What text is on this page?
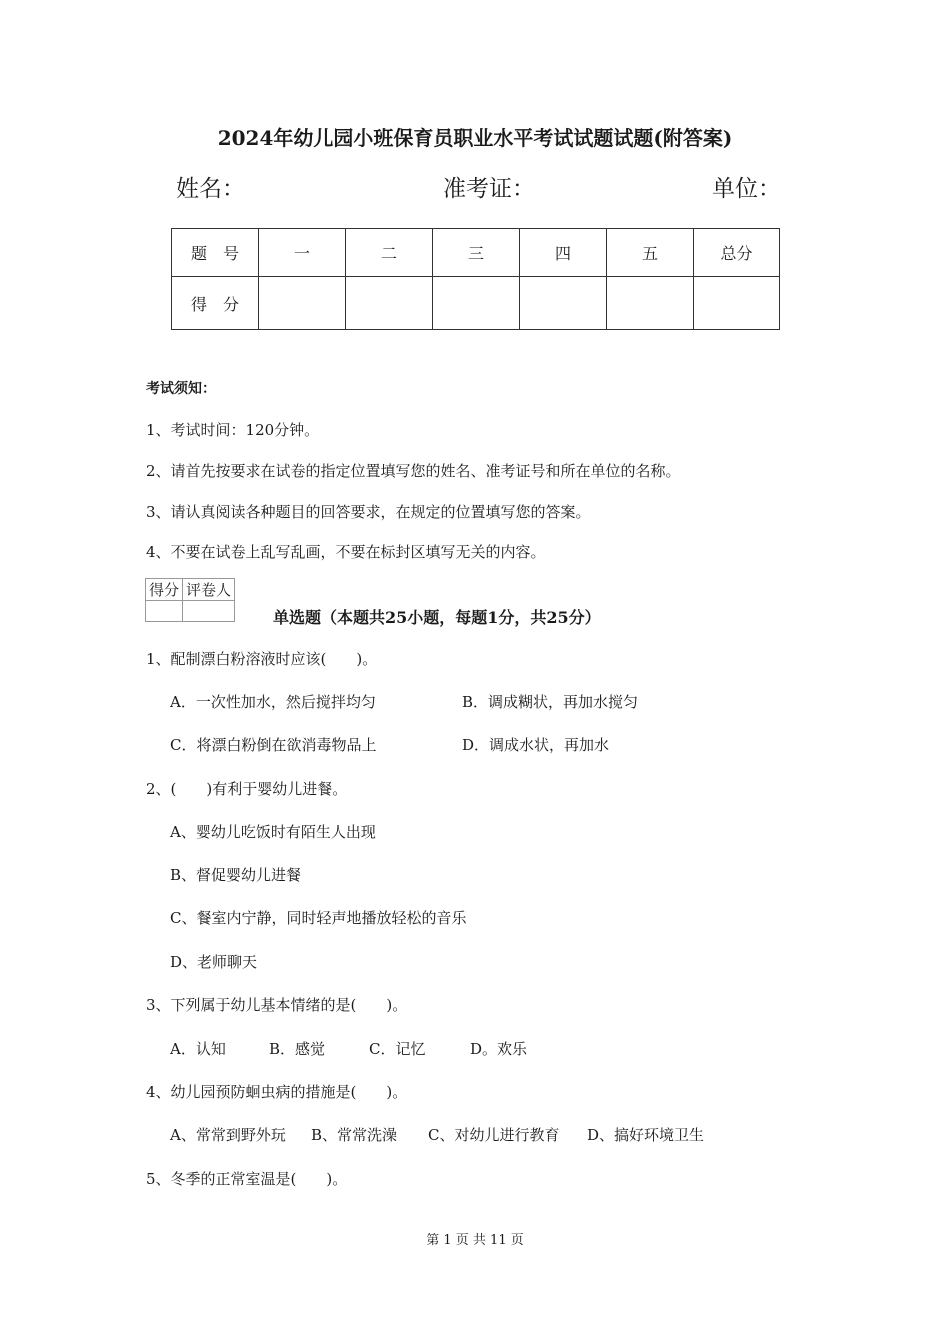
2024年幼儿园小班保育员职业水平考试试题试题(附答案)
姓名：	准考证：	单位：
题　号	一	二	三	四	五	总分
得　分						
考试须知：
1、考试时间：120分钟。
2、请首先按要求在试卷的指定位置填写您的姓名、准考证号和所在单位的名称。
3、请认真阅读各种题目的回答要求，在规定的位置填写您的答案。
4、不要在试卷上乱写乱画，不要在标封区填写无关的内容。
得分	评卷人

单选题（本题共25小题，每题1分，共25分）
1、配制漂白粉溶液时应该(　　)。
A．一次性加水，然后搅拌均匀	B．调成糊状，再加水搅匀
C．将漂白粉倒在欲消毒物品上	D．调成水状，再加水
2、(　　)有利于婴幼儿进餐。
A、婴幼儿吃饭时有陌生人出现
B、督促婴幼儿进餐
C、餐室内宁静，同时轻声地播放轻松的音乐
D、老师聊天
3、下列属于幼儿基本情绪的是(　　)。
A．认知	B．感觉	C．记忆	D。欢乐
4、幼儿园预防蛔虫病的措施是(　　)。
A、常常到野外玩 B、常常洗澡 C、对幼儿进行教育 D、搞好环境卫生
5、冬季的正常室温是(　　)。
第 1 页 共 11 页
